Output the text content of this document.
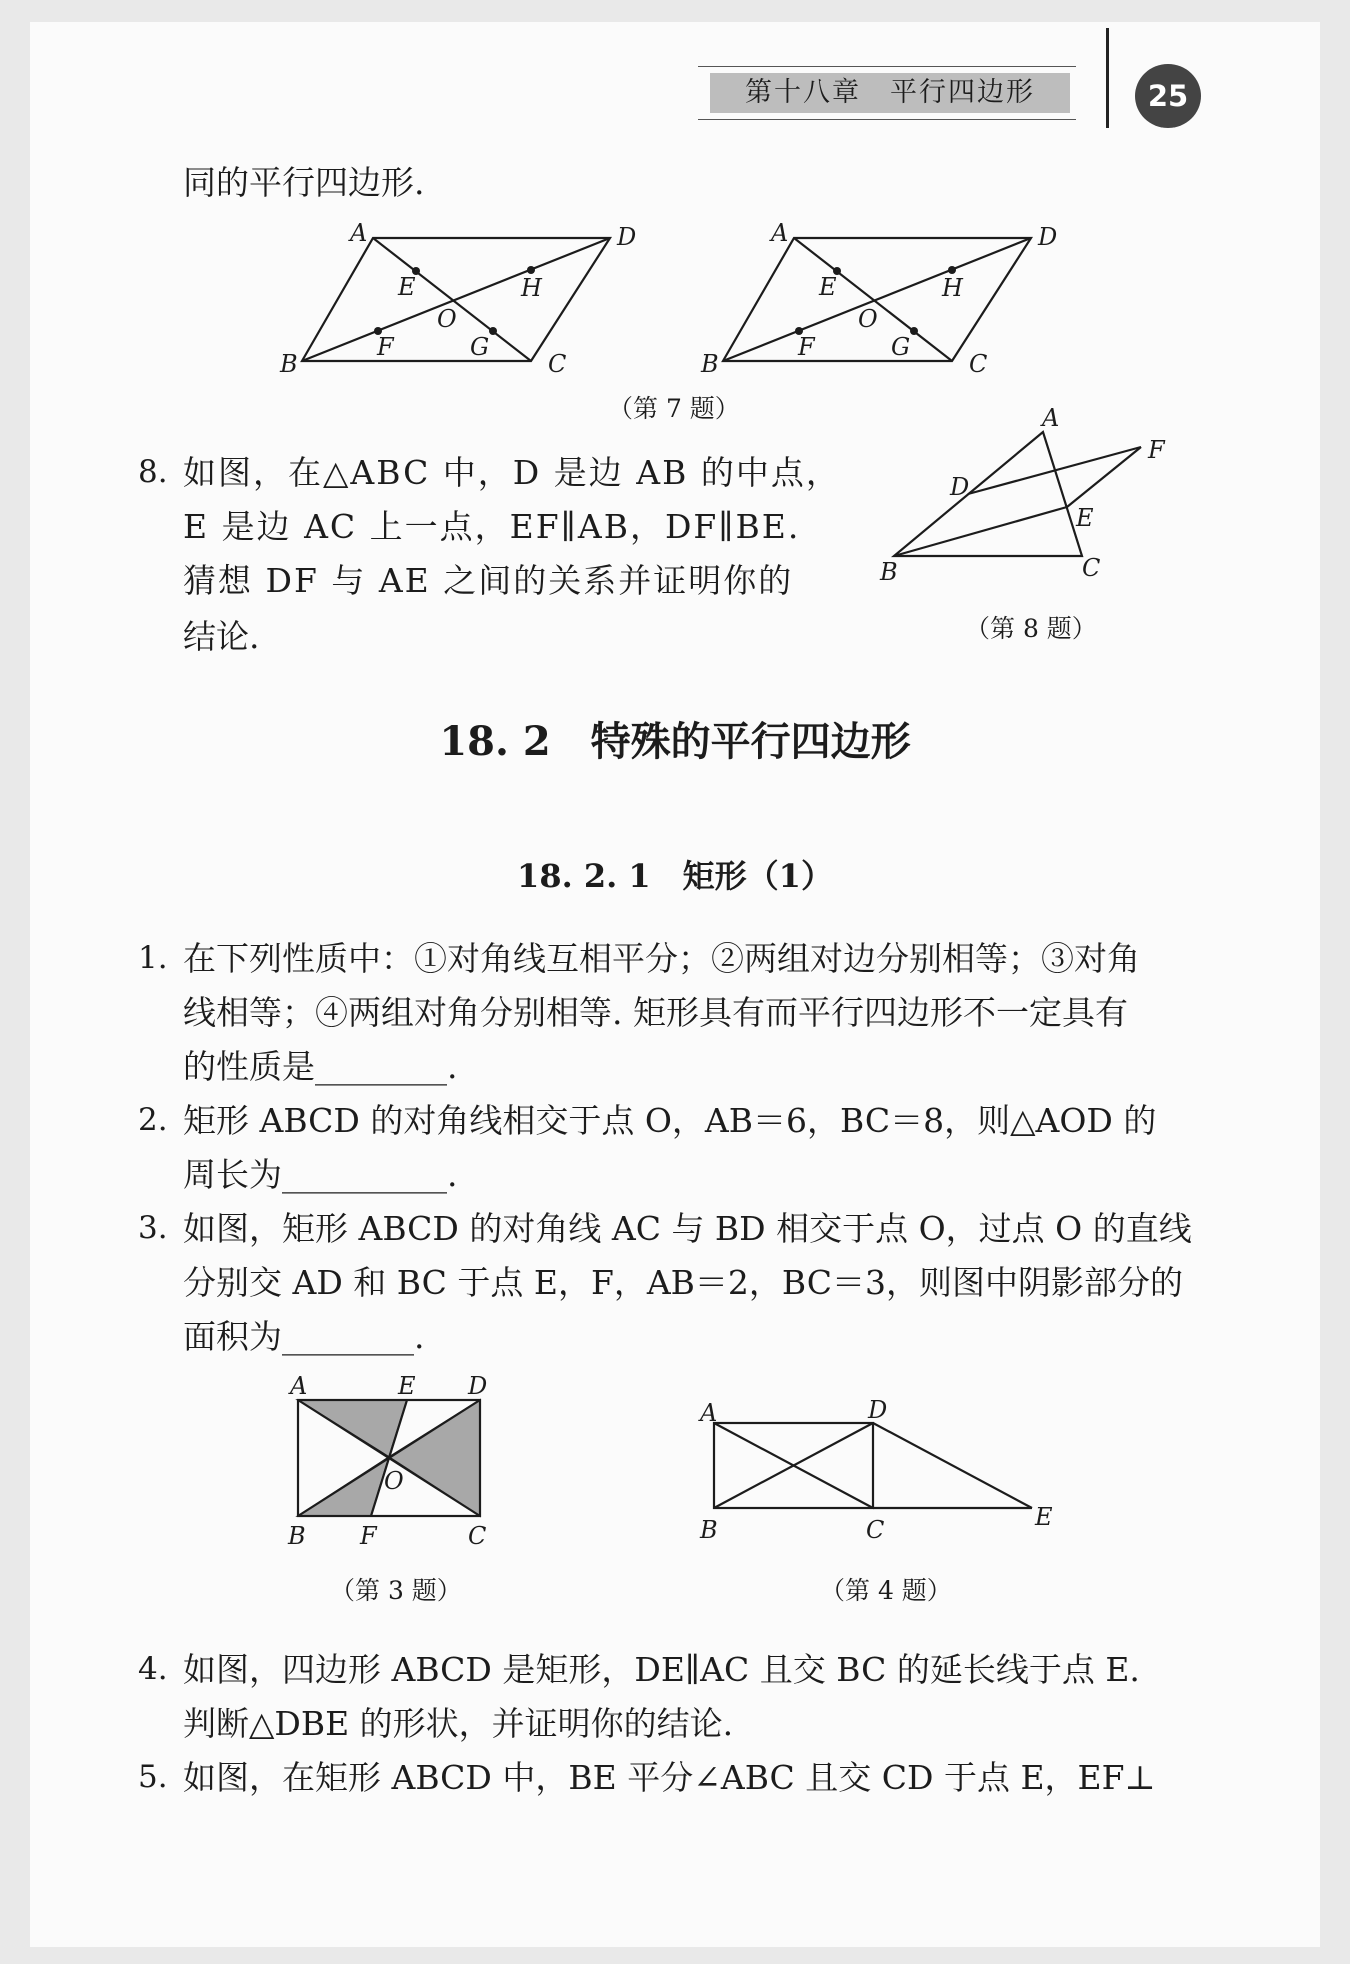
第十八章　平行四边形	25
同的平行四边形.
A	D
E	H
O
F	G
B	C
A	D
E	H
O
F	G
B	C
（第 7 题）
8. 如图，在△ABC 中，D 是边 AB 的中点，
E 是边 AC 上一点，EF∥AB，DF∥BE.
猜想 DF 与 AE 之间的关系并证明你的
结论.
A
F
D
E
B	C
（第 8 题）
18. 2　特殊的平行四边形
18. 2. 1　矩形（1）
1. 在下列性质中：①对角线互相平分；②两组对边分别相等；③对角
线相等；④两组对角分别相等. 矩形具有而平行四边形不一定具有
的性质是________.
2. 矩形 ABCD 的对角线相交于点 O，AB＝6，BC＝8，则△AOD 的
周长为__________.
3. 如图，矩形 ABCD 的对角线 AC 与 BD 相交于点 O，过点 O 的直线
分别交 AD 和 BC 于点 E，F，AB＝2，BC＝3，则图中阴影部分的
面积为________.
A	E D
O
B F	C
（第 3 题）
A	D
B	C	E
（第 4 题）
4. 如图，四边形 ABCD 是矩形，DE∥AC 且交 BC 的延长线于点 E.
判断△DBE 的形状，并证明你的结论.
5. 如图，在矩形 ABCD 中，BE 平分∠ABC 且交 CD 于点 E，EF⊥
